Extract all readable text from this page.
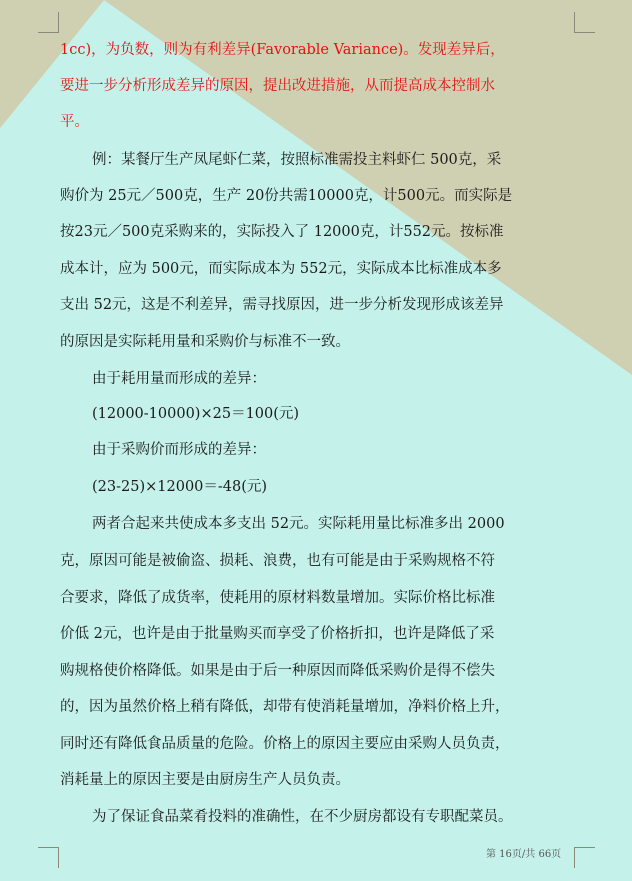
1cc)，为负数，则为有利差异(Favorable Variance)。发现差异后，
要进一步分析形成差异的原因，提出改进措施，从而提高成本控制水
平。
例：某餐厅生产凤尾虾仁菜，按照标准需投主料虾仁 500克，采
购价为 25元／500克，生产 20份共需10000克，计500元。而实际是
按23元／500克采购来的，实际投入了 12000克，计552元。按标准
成本计，应为 500元，而实际成本为 552元，实际成本比标准成本多
支出 52元，这是不利差异，需寻找原因，进一步分析发现形成该差异
的原因是实际耗用量和采购价与标准不一致。
由于耗用量而形成的差异：
(12000-10000)×25＝100(元)
由于采购价而形成的差异：
(23-25)×12000＝-48(元)
两者合起来共使成本多支出 52元。实际耗用量比标准多出 2000
克，原因可能是被偷盗、损耗、浪费，也有可能是由于采购规格不符
合要求，降低了成货率，使耗用的原材料数量增加。实际价格比标准
价低 2元，也许是由于批量购买而享受了价格折扣，也许是降低了采
购规格使价格降低。如果是由于后一种原因而降低采购价是得不偿失
的，因为虽然价格上稍有降低，却带有使消耗量增加，净料价格上升，
同时还有降低食品质量的危险。价格上的原因主要应由采购人员负责，
消耗量上的原因主要是由厨房生产人员负责。
为了保证食品菜肴投料的准确性，在不少厨房都设有专职配菜员。
第 16页/共 66页
